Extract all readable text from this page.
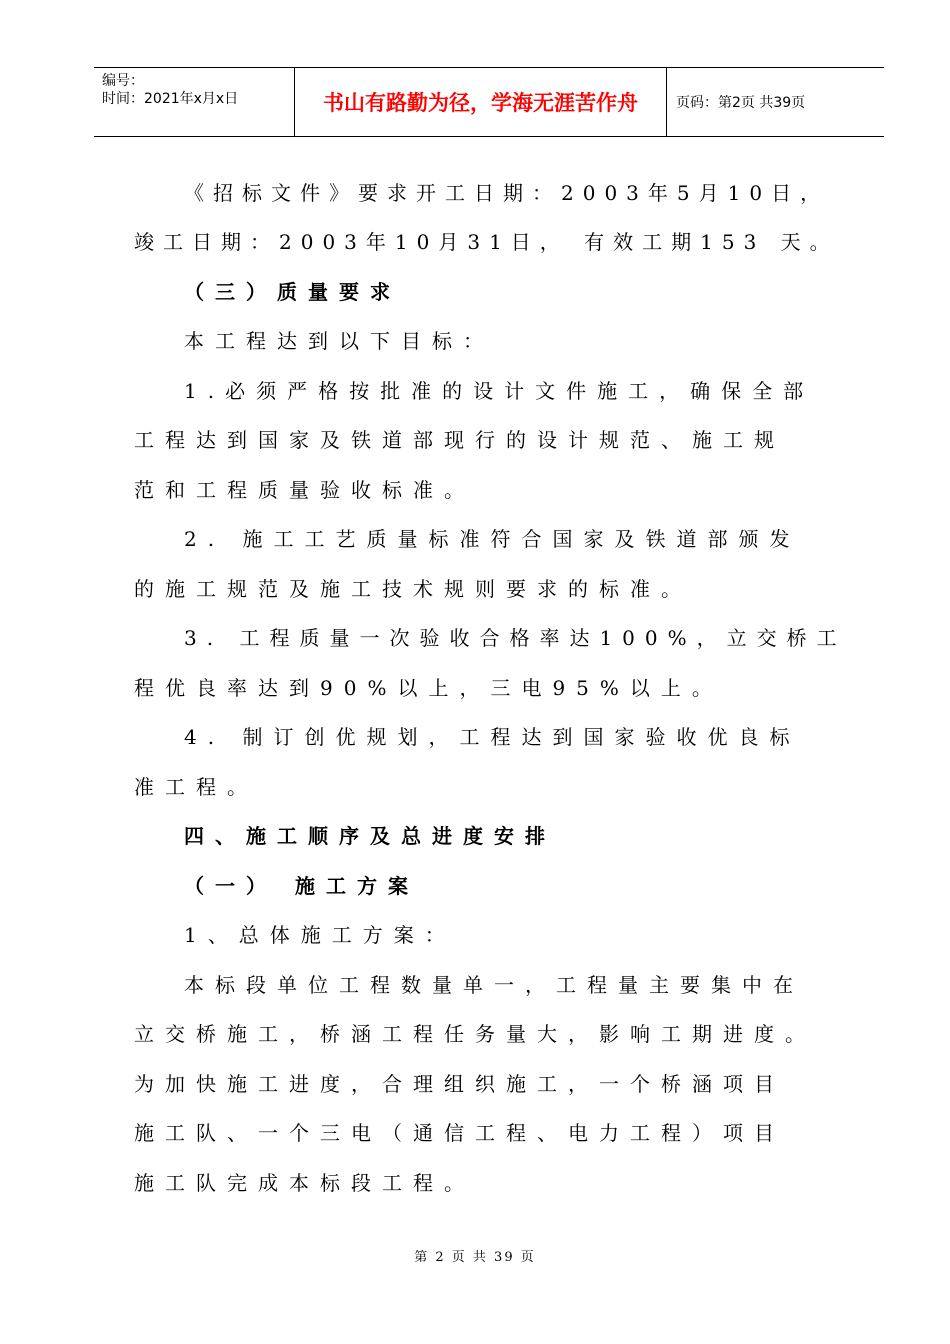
编号：
时间：2021年x月x日	书山有路勤为径，学海无涯苦作舟	页码：第2页 共39页
《招标文件》要求开工日期：2003年5月10日，
竣工日期：2003年10月31日， 有效工期153 天。
（三）质量要求
本工程达到以下目标：
1.必须严格按批准的设计文件施工，确保全部
工程达到国家及铁道部现行的设计规范、施工规
范和工程质量验收标准。
2. 施工工艺质量标准符合国家及铁道部颁发
的施工规范及施工技术规则要求的标准。
3. 工程质量一次验收合格率达100%，立交桥工
程优良率达到90%以上，三电95%以上。
4. 制订创优规划，工程达到国家验收优良标
准工程。
四、施工顺序及总进度安排
（一） 施工方案
1、总体施工方案：
本标段单位工程数量单一，工程量主要集中在
立交桥施工，桥涵工程任务量大，影响工期进度。
为加快施工进度，合理组织施工，一个桥涵项目
施工队、一个三电（通信工程、电力工程）项目
施工队完成本标段工程。
第 2 页 共 39 页
